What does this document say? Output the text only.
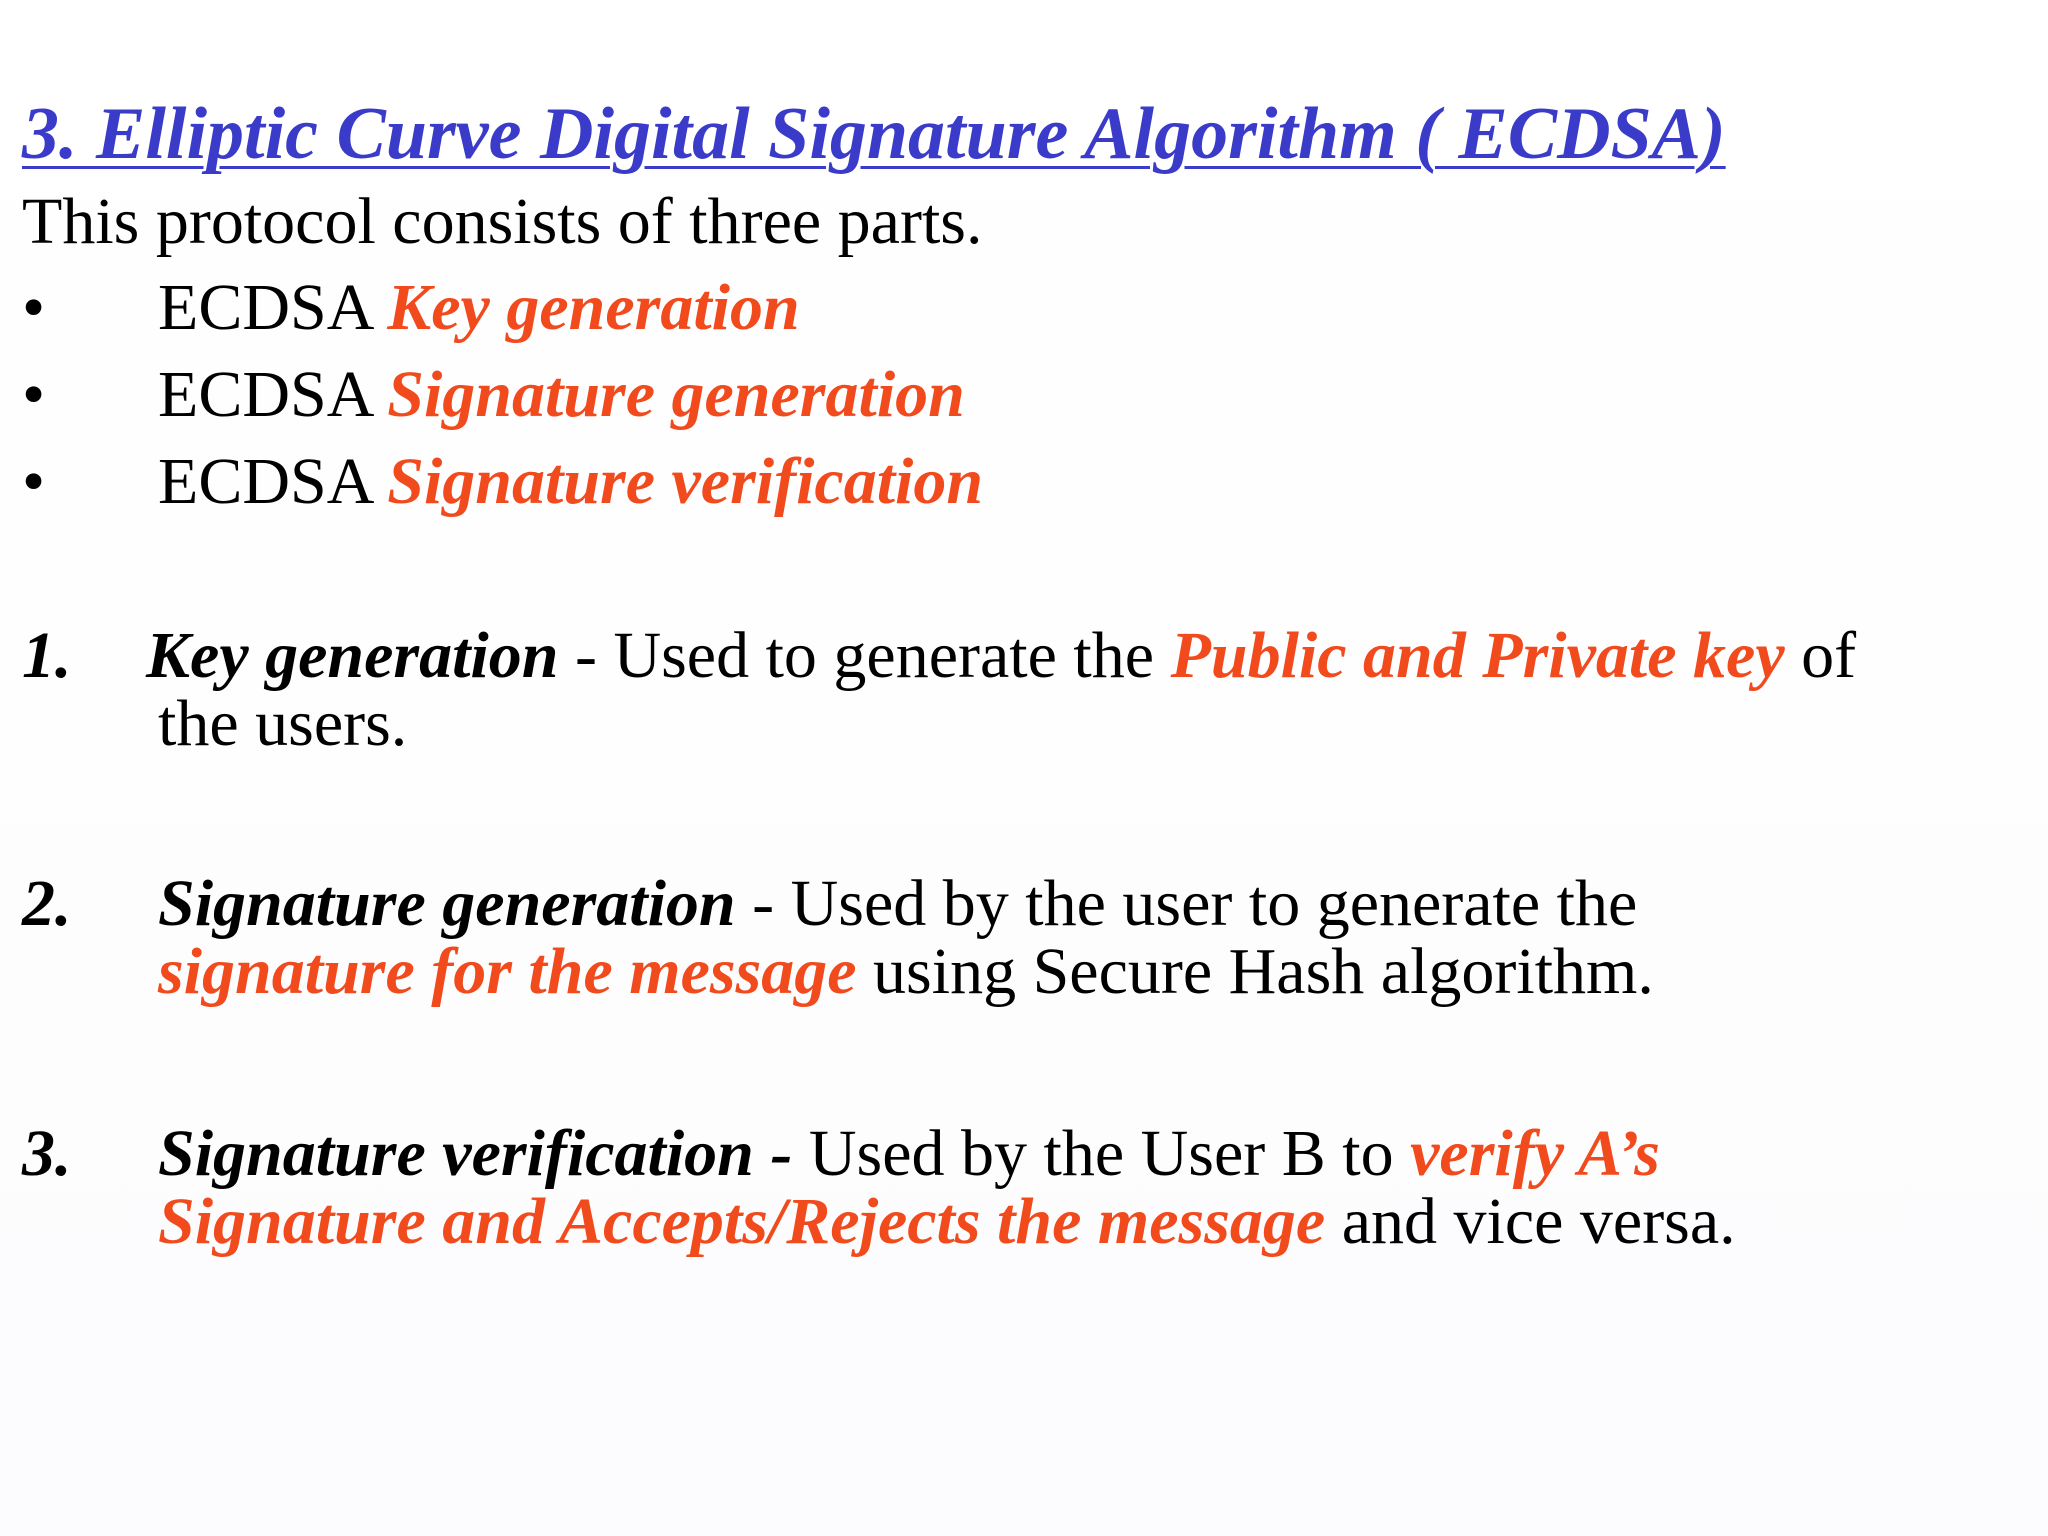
3. Elliptic Curve Digital Signature Algorithm ( ECDSA)
This protocol consists of three parts.
• ECDSA Key generation
• ECDSA Signature generation
• ECDSA Signature verification
1. Key generation - Used to generate the Public and Private key of
the users.
2. Signature generation - Used by the user to generate the
signature for the message using Secure Hash algorithm.
3. Signature verification - Used by the User B to verify A’s
Signature and Accepts/Rejects the message and vice versa.
